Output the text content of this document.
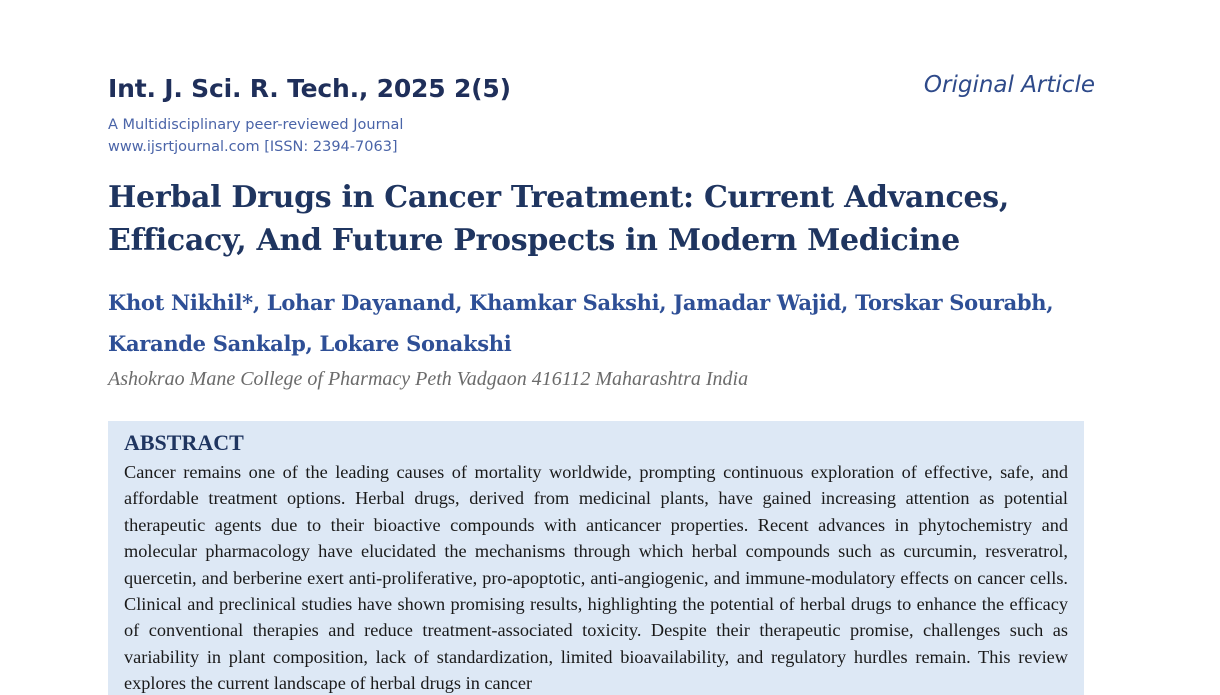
Int. J. Sci. R. Tech., 2025 2(5)	Original Article
A Multidisciplinary peer-reviewed Journal
www.ijsrtjournal.com [ISSN: 2394-7063]
Herbal Drugs in Cancer Treatment: Current Advances, Efficacy, And Future Prospects in Modern Medicine
Khot Nikhil*, Lohar Dayanand, Khamkar Sakshi, Jamadar Wajid, Torskar Sourabh, Karande Sankalp, Lokare Sonakshi
Ashokrao Mane College of Pharmacy Peth Vadgaon 416112 Maharashtra India
ABSTRACT

Cancer remains one of the leading causes of mortality worldwide, prompting continuous exploration of effective, safe, and affordable treatment options. Herbal drugs, derived from medicinal plants, have gained increasing attention as potential therapeutic agents due to their bioactive compounds with anticancer properties. Recent advances in phytochemistry and molecular pharmacology have elucidated the mechanisms through which herbal compounds such as curcumin, resveratrol, quercetin, and berberine exert anti-proliferative, pro-apoptotic, anti-angiogenic, and immune-modulatory effects on cancer cells. Clinical and preclinical studies have shown promising results, highlighting the potential of herbal drugs to enhance the efficacy of conventional therapies and reduce treatment-associated toxicity. Despite their therapeutic promise, challenges such as variability in plant composition, lack of standardization, limited bioavailability, and regulatory hurdles remain. This review explores the current landscape of herbal drugs in cancer
